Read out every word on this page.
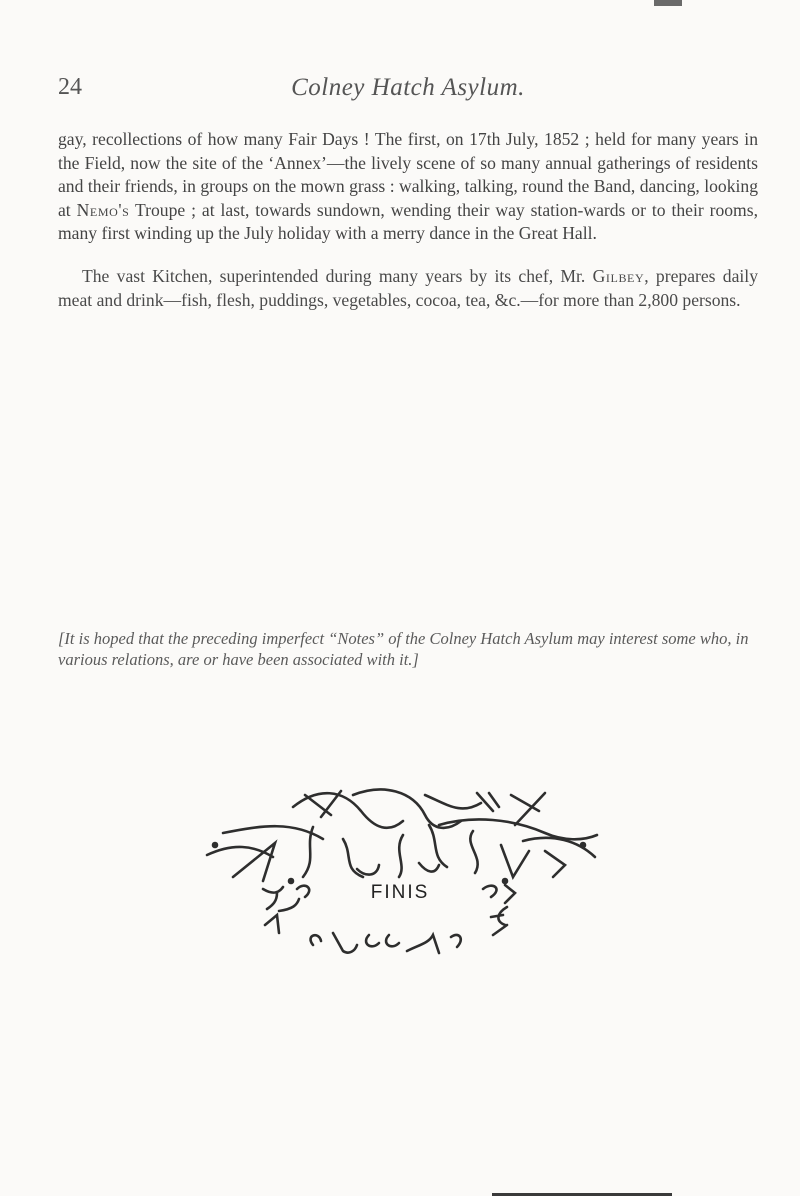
24	Colney Hatch Asylum.

gay, recollections of how many Fair Days ! The first, on 17th July, 1852 ; held for many years in the Field, now the site of the ‘Annex’—the lively scene of so many annual gatherings of residents and their friends, in groups on the mown grass : walking, talking, round the Band, dancing, looking at Nemo's Troupe ; at last, towards sundown, wending their way station-wards or to their rooms, many first winding up the July holiday with a merry dance in the Great Hall.

The vast Kitchen, superintended during many years by its chef, Mr. Gilbey, prepares daily meat and drink—fish, flesh, puddings, vegetables, cocoa, tea, &c.—for more than 2,800 persons.

[It is hoped that the preceding imperfect “Notes” of the Colney Hatch Asylum may interest some who, in various relations, are or have been associated with it.]
FINIS
